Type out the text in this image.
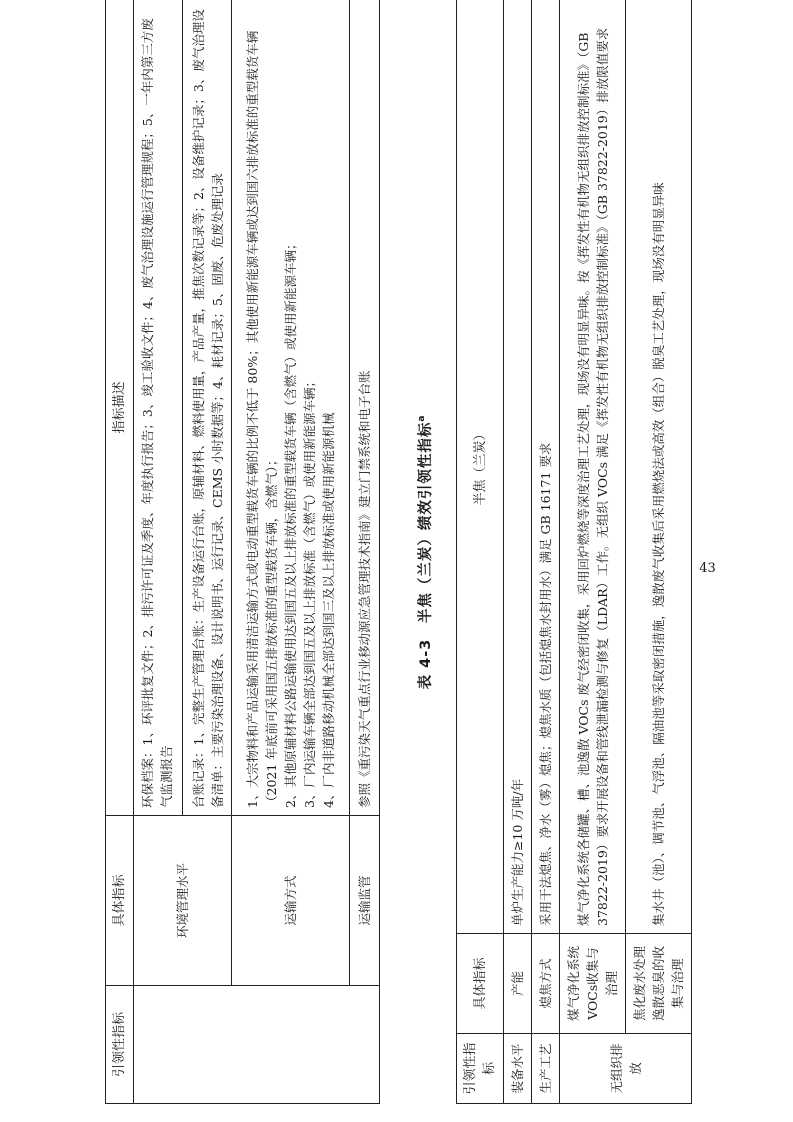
引领性指标	具体指标	指标描述
	环境管理水平	环保档案：1、环评批复文件；2、排污许可证及季度、年度执行报告；3、竣工验收文件；4、废气治理设施运行管理规程；5、一年内第三方废气监测报告 台账记录：1、完整生产管理台账：生产设备运行台账，原辅材料、燃料使用量，产品产量，推焦次数记录等；2、设备维护记录；3、废气治理设备清单：主要污染治理设备、设计说明书、运行记录、CEMS 小时数据等；4、耗材记录；5、固废、危废处理记录

	运输方式	1、大宗物料和产品运输采用清洁运输方式或电动重型载货车辆的比例不低于 80%；其他使用新能源车辆或达到国六排放标准的重型载货车辆（2021 年底前可采用国五排放标准的重型载货车辆，含燃气）； 2、其他原辅材料公路运输使用达到国五及以上排放标准的重型载货车辆（含燃气）或使用新能源车辆； 3、厂内运输车辆全部达到国五及以上排放标准（含燃气）或使用新能源车辆； 4、厂内非道路移动机械全部达到国三及以上排放标准或使用新能源机械

	运输监管	参照《重污染天气重点行业移动源应急管理技术指南》建立门禁系统和电子台账	表 4-3　半焦（兰炭）绩效引领性指标$^a$
引领性指标	具体指标	半焦（兰炭）
装备水平	产能	单炉生产能力≥10 万吨/年
生产工艺	熄焦方式	采用干法熄焦、净水（雾）熄焦；熄焦水质（包括熄焦水封用水）满足 GB 16171 要求
无组织排放	煤气净化系统 VOCs收集与治理	煤气净化系统各储罐、槽、池逸散 VOCs 废气经密闭收集，采用回炉燃烧等深度治理工艺处理，现场没有明显异味。按《挥发性有机物无组织排放控制标准》（GB 37822-2019）要求开展设备和管线泄漏检测与修复（LDAR）工作。无组织 VOCs 满足《挥发性有机物无组织排放控制标准》（GB 37822-2019）排放限值要求
	焦化废水处理逸散恶臭的收集与治理	集水井（池）、调节池、气浮池、隔油池等采取密闭措施，逸散废气收集后采用燃烧法或高效（组合）脱臭工艺处理，现场没有明显异味	43
